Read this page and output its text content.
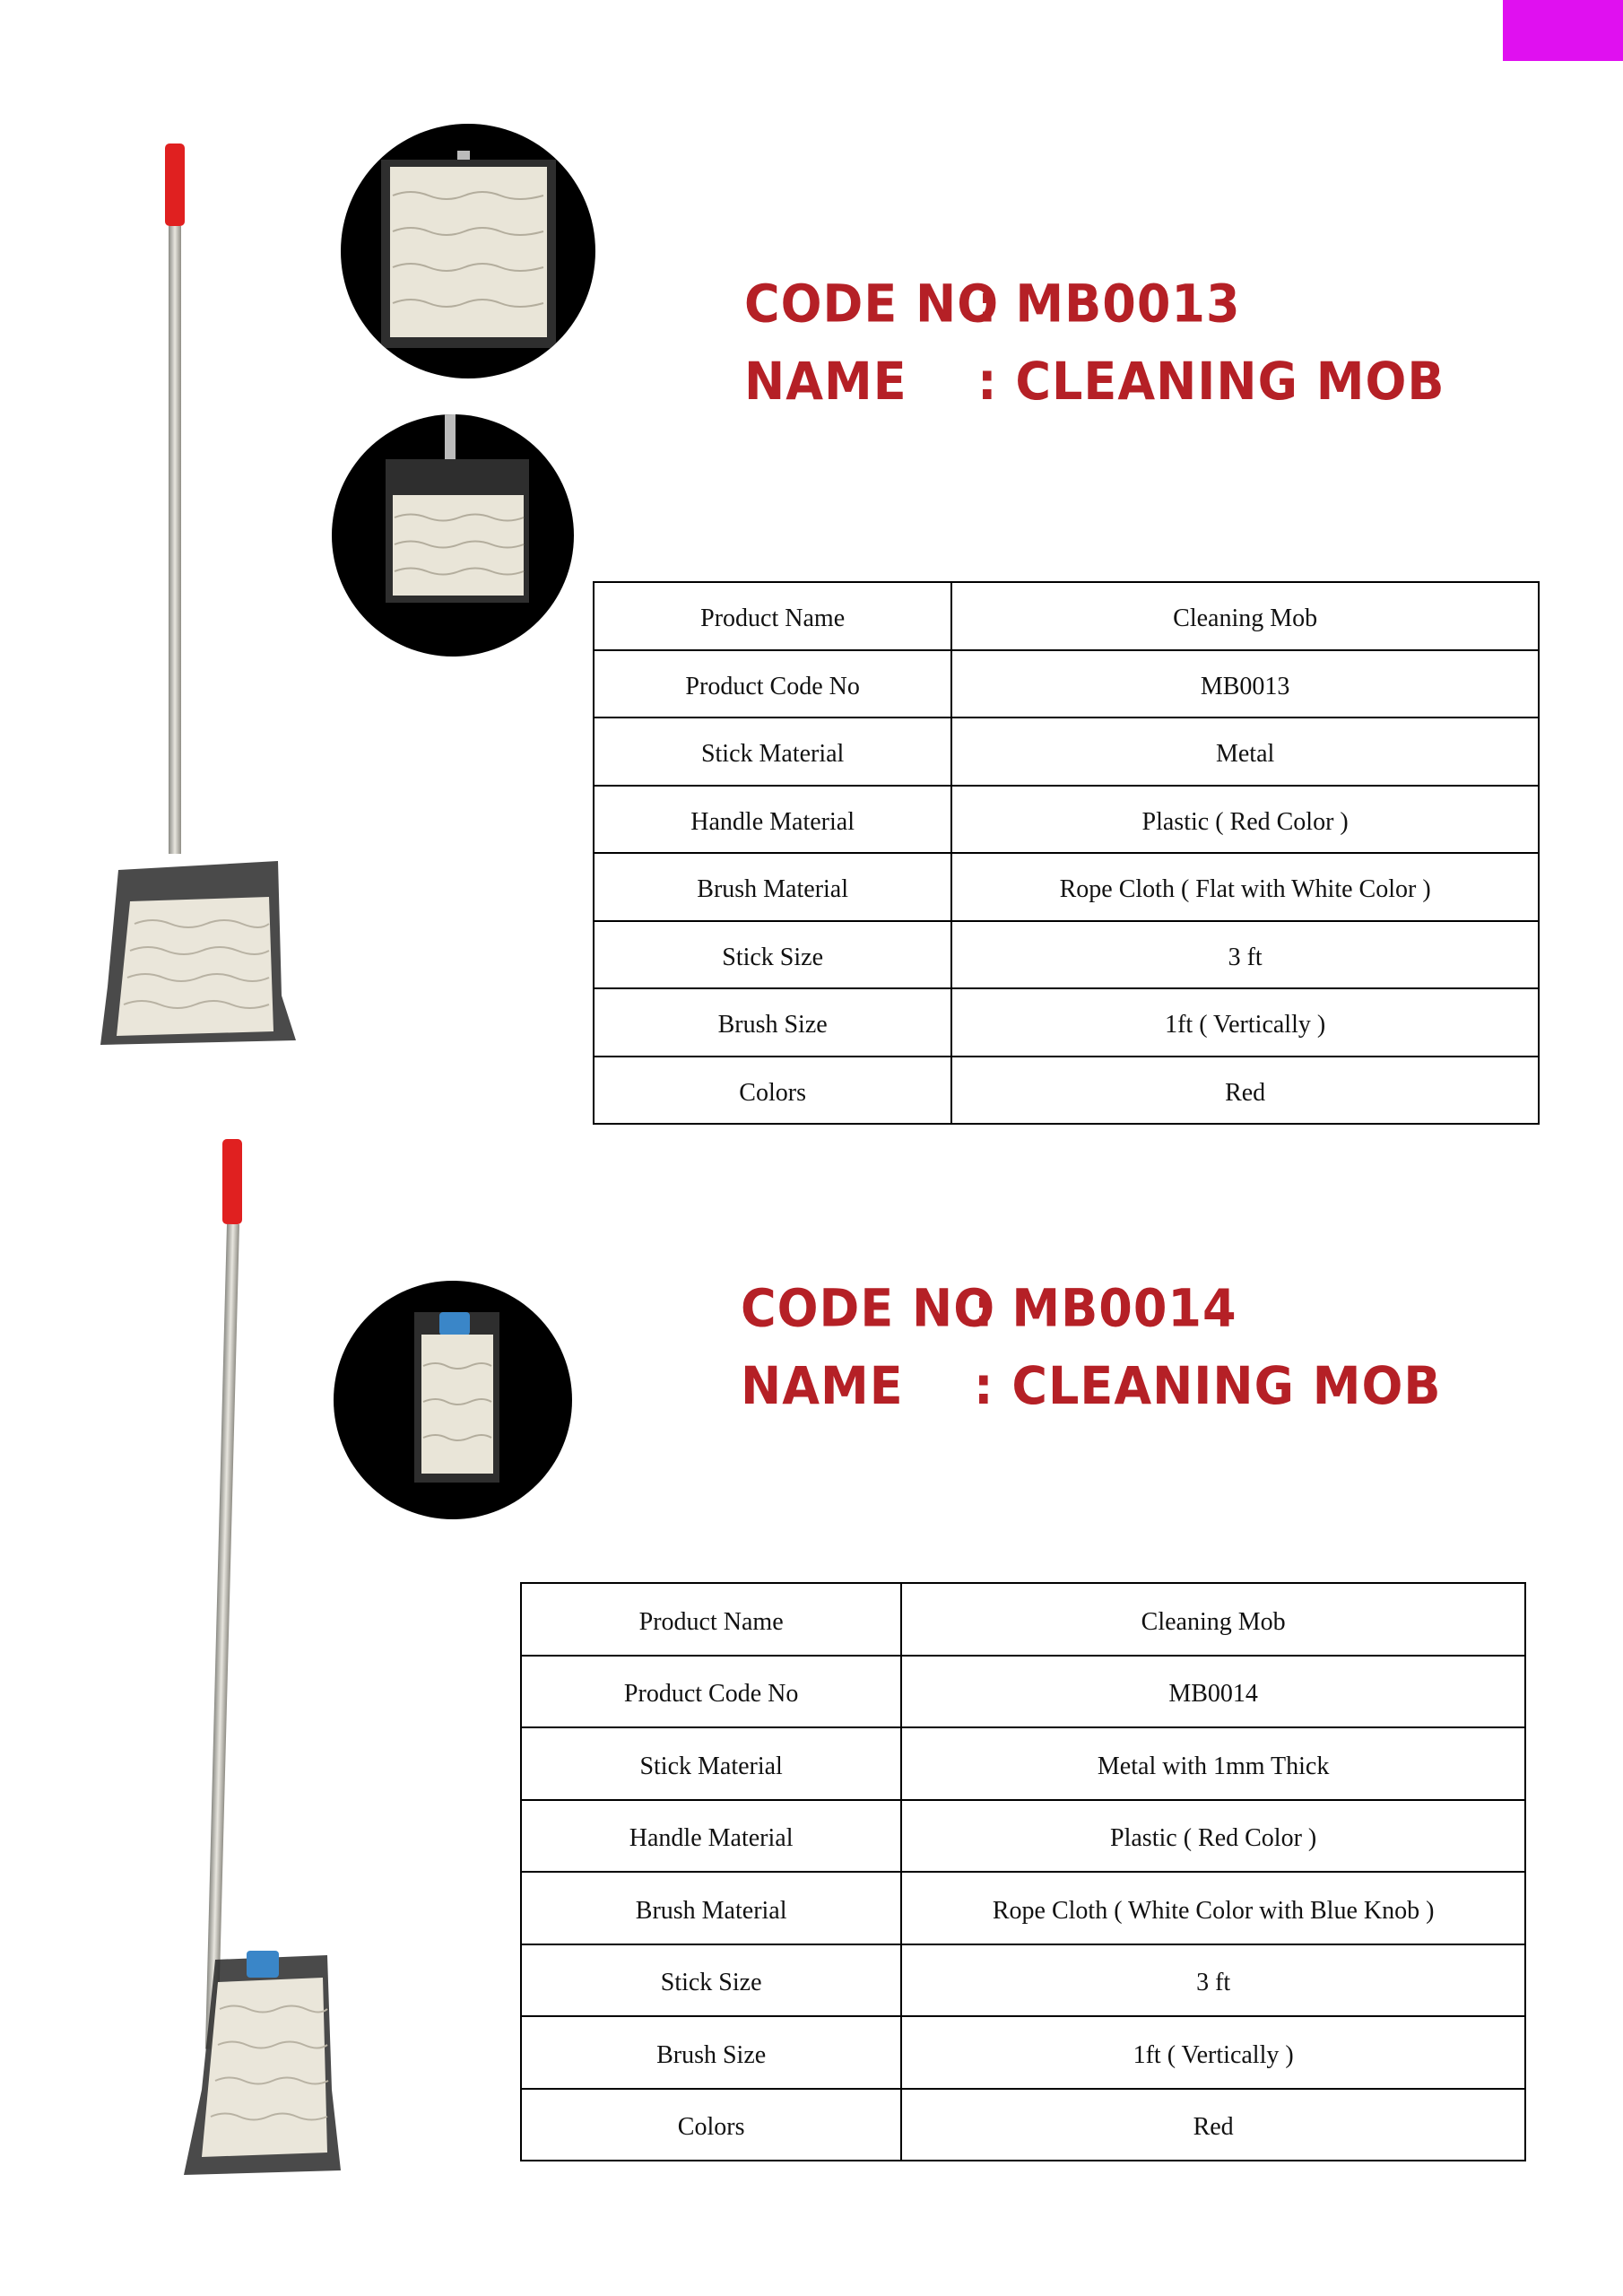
CODE NO
: MB0013
NAME	: CLEANING MOB
Product Name	Cleaning Mob
Product Code No	MB0013
Stick Material	Metal
Handle Material	Plastic ( Red Color )
Brush Material	Rope Cloth ( Flat with White Color )
Stick Size	3 ft
Brush Size	1ft ( Vertically )
Colors	Red
CODE NO
: MB0014
NAME	: CLEANING MOB
Product Name	Cleaning Mob
Product Code No	MB0014
Stick Material	Metal with 1mm Thick
Handle Material	Plastic ( Red Color )
Brush Material	Rope Cloth ( White Color with Blue Knob )
Stick Size	3 ft
Brush Size	1ft ( Vertically )
Colors	Red
